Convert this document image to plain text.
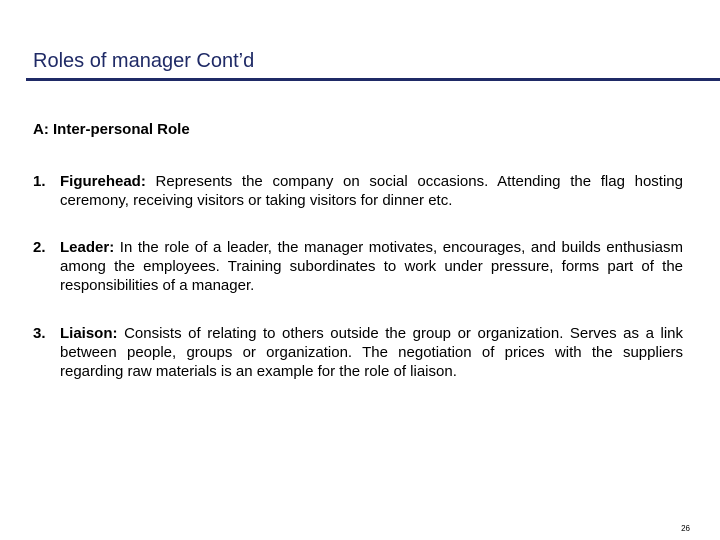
Roles of manager Cont’d
A: Inter-personal Role
1. Figurehead: Represents the company on social occasions. Attending the flag hosting ceremony, receiving visitors or taking visitors for dinner etc.
2. Leader: In the role of a leader, the manager motivates, encourages, and builds enthusiasm among the employees. Training subordinates to work under pressure, forms part of the responsibilities of a manager.
3. Liaison: Consists of relating to others outside the group or organization. Serves as a link between people, groups or organization. The negotiation of prices with the suppliers regarding raw materials is an example for the role of liaison.
26
